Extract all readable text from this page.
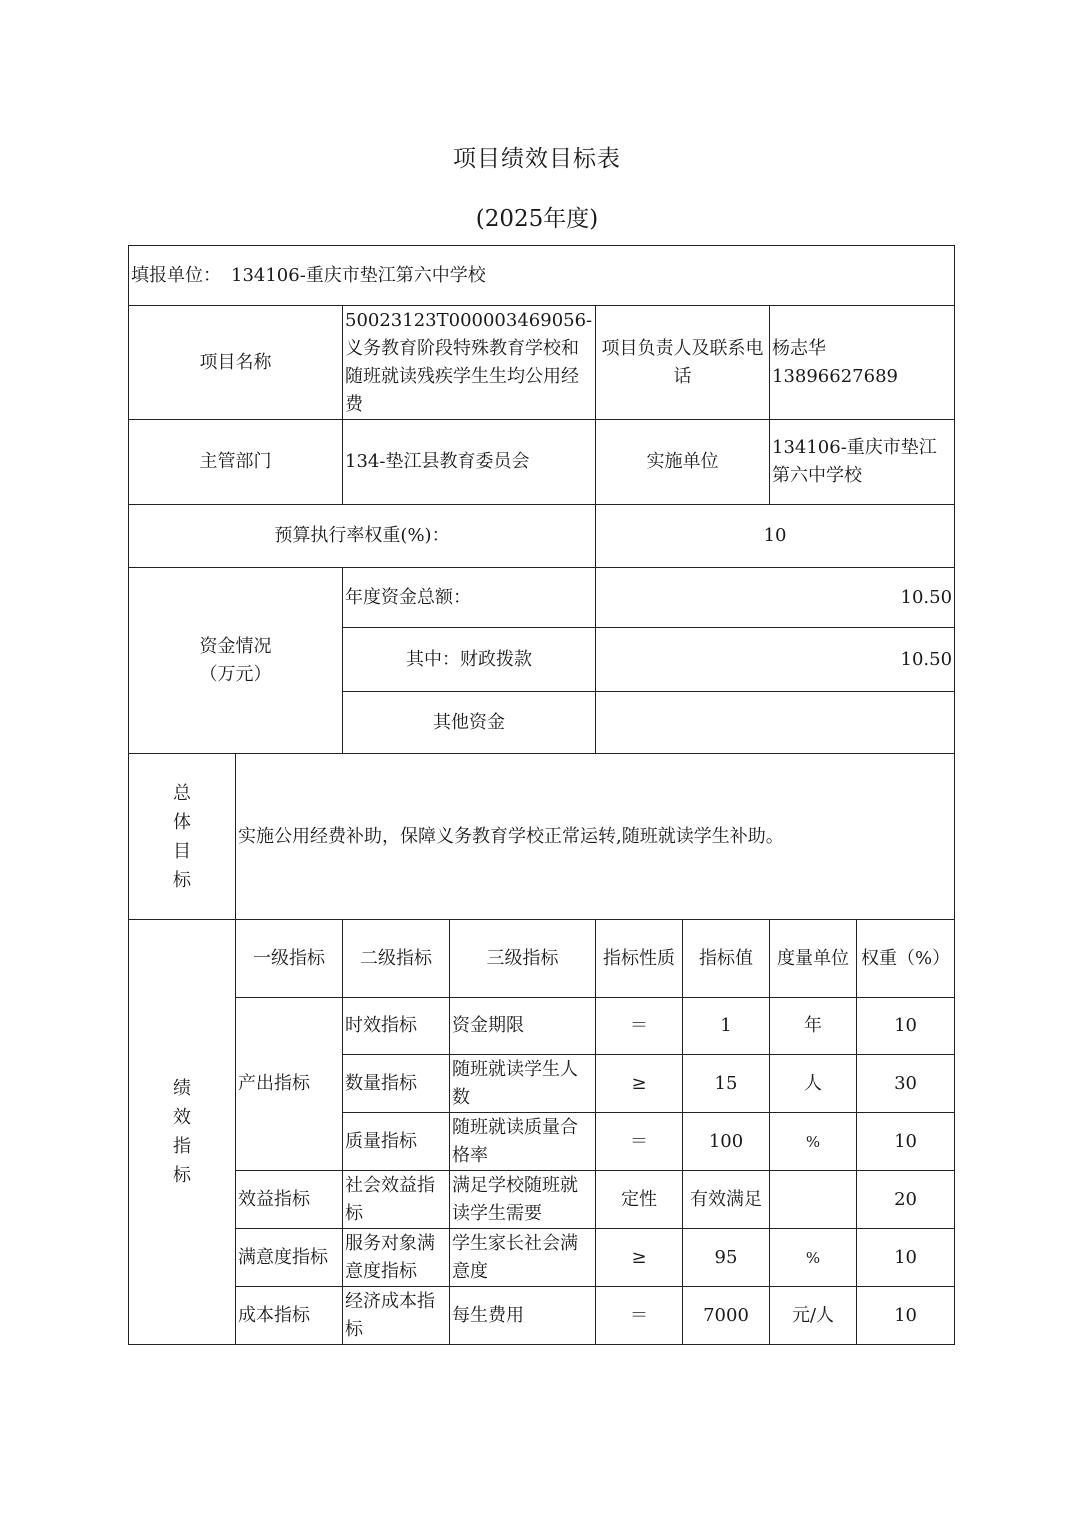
项目绩效目标表
(2025年度)
填报单位： 134106-重庆市垫江第六中学校							
项目名称		50023123T000003469056-义务教育阶段特殊教育学校和随班就读残疾学生生均公用经费		项目负责人及联系电话		杨志华 13896627689	
主管部门		134-垫江县教育委员会		实施单位		134106-重庆市垫江第六中学校	
预算执行率权重(%)：				10			

资金情况
（万元）		年度资金总额：		10.50			
		其中：财政拨款		10.50			
		其他资金					

总体目标	实施公用经费补助，保障义务教育学校正常运转,随班就读学生补助。						

绩效指标	一级指标	二级指标	三级指标	指标性质	指标值	度量单位	权重（%）
	产出指标	时效指标	资金期限	＝	1	年	10
		数量指标	随班就读学生人数	≥	15	人	30
		质量指标	随班就读质量合格率	＝	100	%	10
	效益指标	社会效益指标	满足学校随班就读学生需要	定性	有效满足		20
	满意度指标	服务对象满意度指标	学生家长社会满意度	≥	95	%	10
	成本指标	经济成本指标	每生费用	＝	7000	元/人	10
